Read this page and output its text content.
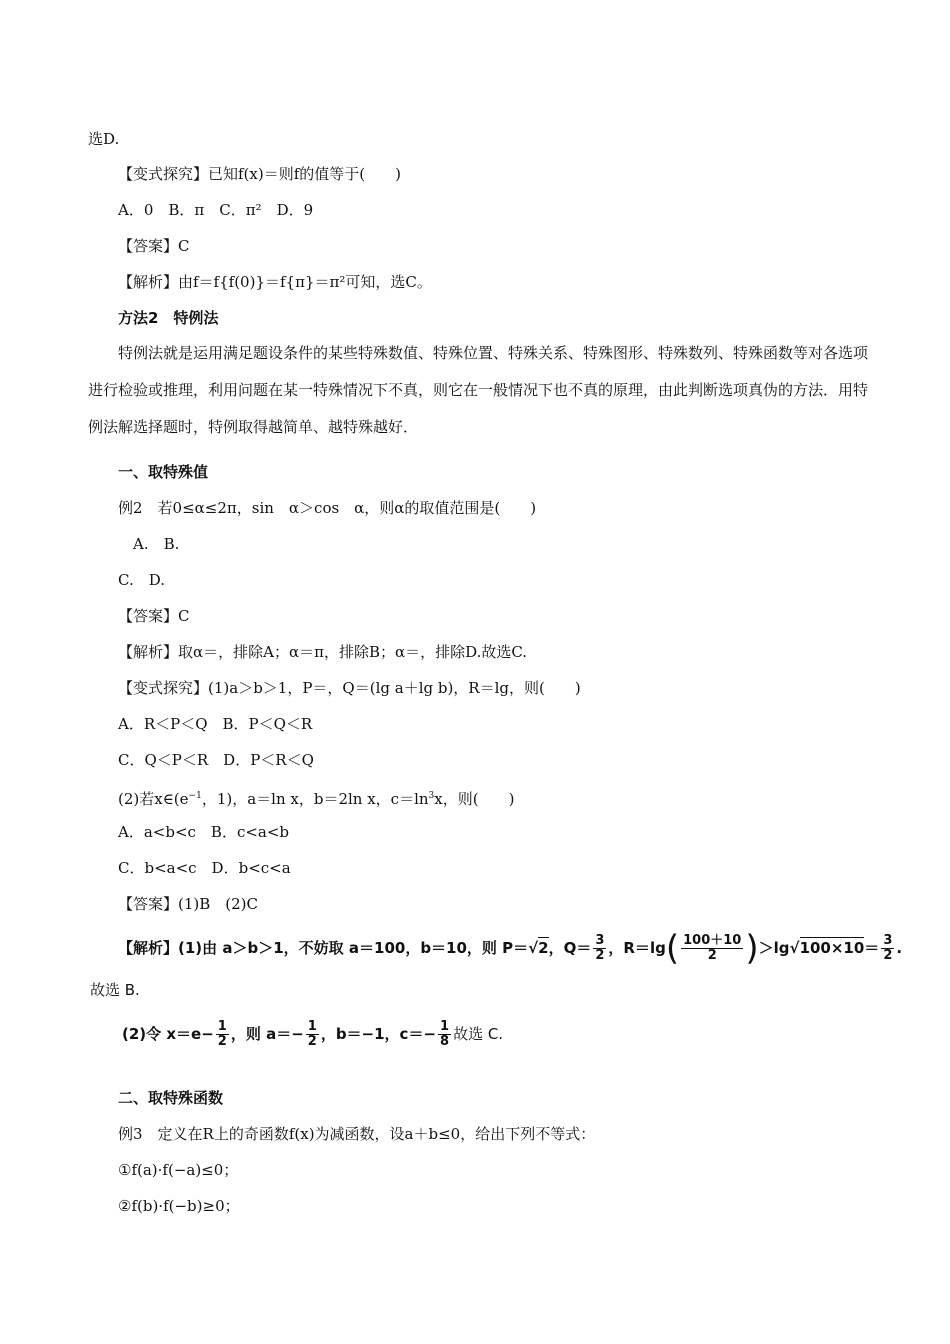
选D.
【变式探究】已知f(x)＝则f的值等于(　　)
A．0　B．π　C．π²　D．9
【答案】C
【解析】由f＝f{f(0)}＝f{π}＝π²可知，选C。
方法2　特例法
特例法就是运用满足题设条件的某些特殊数值、特殊位置、特殊关系、特殊图形、特殊数列、特殊函数等对各选项进行检验或推理，利用问题在某一特殊情况下不真，则它在一般情况下也不真的原理，由此判断选项真伪的方法．用特例法解选择题时，特例取得越简单、越特殊越好．
一、取特殊值
例2　若0≤α≤2π，sin　α＞cos　α，则α的取值范围是(　　)
A.　B.
C.　D.
【答案】C
【解析】取α＝，排除A；α＝π，排除B；α＝，排除D.故选C.
【变式探究】(1)a＞b＞1，P＝，Q＝(lg a＋lg b)，R＝lg，则(　　)
A．R＜P＜Q　B．P＜Q＜R
C．Q＜P＜R　D．P＜R＜Q
(2)若$x\in(e^{-1}$，1)，a＝ln x，b＝2ln x，$c=\ln^3x$，则(　　)
A．a<b<c　B．c<a<b
C．b<a<c　D．b<c<a
【答案】(1)B　(2)C
【解析】(1)由 a＞b＞1，不妨取 a＝100，b＝10，则 P＝√2，$Q= \frac{3}{2}$ ，$R=\lg( \frac{100+10}{2} )>\lg√100\times 10= \frac{3}{2}$ .
故选 B.
(2)令 $x=e- \frac{1}{2}$ ，则 $a=- \frac{1}{2}$ ，b＝−1，$c=- \frac{1}{8}$ 故选 C.
二、取特殊函数
例3　定义在R上的奇函数f(x)为减函数，设a＋b≤0，给出下列不等式：
①f(a)·f(−a)≤0；
②f(b)·f(−b)≥0；
